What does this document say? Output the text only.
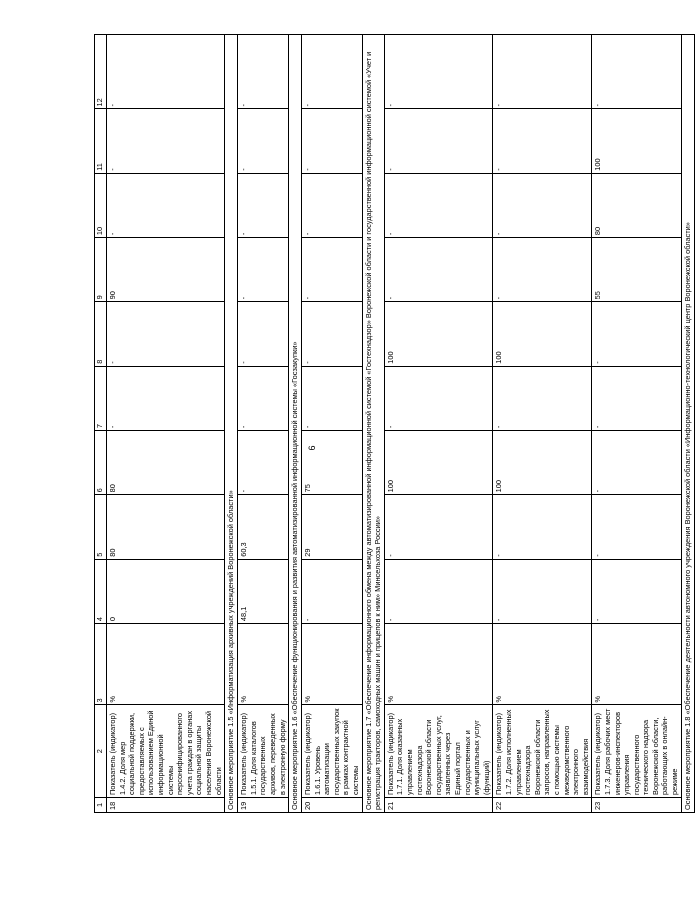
6
1	2	3	4	5	6	7	8	9	10	11	12
18	Показатель (индикатор) 1.4.2. Доля мер социальной поддержки, предоставляемых с использованием Единой информационной системы персонифицированного учета граждан в органах социальной защиты населения Воронежской области	%	0	80	80	-	-	90	-	-	-
Основное мероприятие 1.5 «Информатизация архивных учреждений Воронежской области»											
19	Показатель (индикатор) 1.5.1. Доля каталогов государственных архивов, переведенных в электронную форму	%	48,1	60,3	-	-	-	-	-	-	-
Основное мероприятие 1.6 «Обеспечение функционирования и развития автоматизированной информационной системы «Госзакупки»											
20	Показатель (индикатор) 1.6.1. Уровень автоматизации государственных закупок в рамках контрактной системы	%	-	29	75	-	-	-	-	-	-
Основное мероприятие 1.7 «Обеспечение информационного обмена между автоматизированной информационной системой «Гостехнадзор» Воронежской области и государственной информационной системой «Учет и регистрация тракторов, самоходных машин и прицепов к ним» Минсельхоза России»											
21	Показатель (индикатор) 1.7.1. Доля оказанных управлением гостехнадзора Воронежской области государственных услуг, заявленных через Единый портал государственных и муниципальных услуг (функций)	%	-	-	100	-	100	-	-	-	-
22	Показатель (индикатор) 1.7.2. Доля исполненных управлением гостехнадзора Воронежской области запросов, направленных с помощью системы межведомственного электронного взаимодействия	%	-	-	100	-	100	-	-	-	-
23	Показатель (индикатор) 1.7.3. Доля рабочих мест инженеров-инспекторов управления государственного технического надзора Воронежской области, работающих в онлайн-режиме	%	-	-	-	-	-	55	80	100	-
Основное мероприятие 1.8 «Обеспечение деятельности автономного учреждения Воронежской области «Информационно-технологический центр Воронежской области»											
